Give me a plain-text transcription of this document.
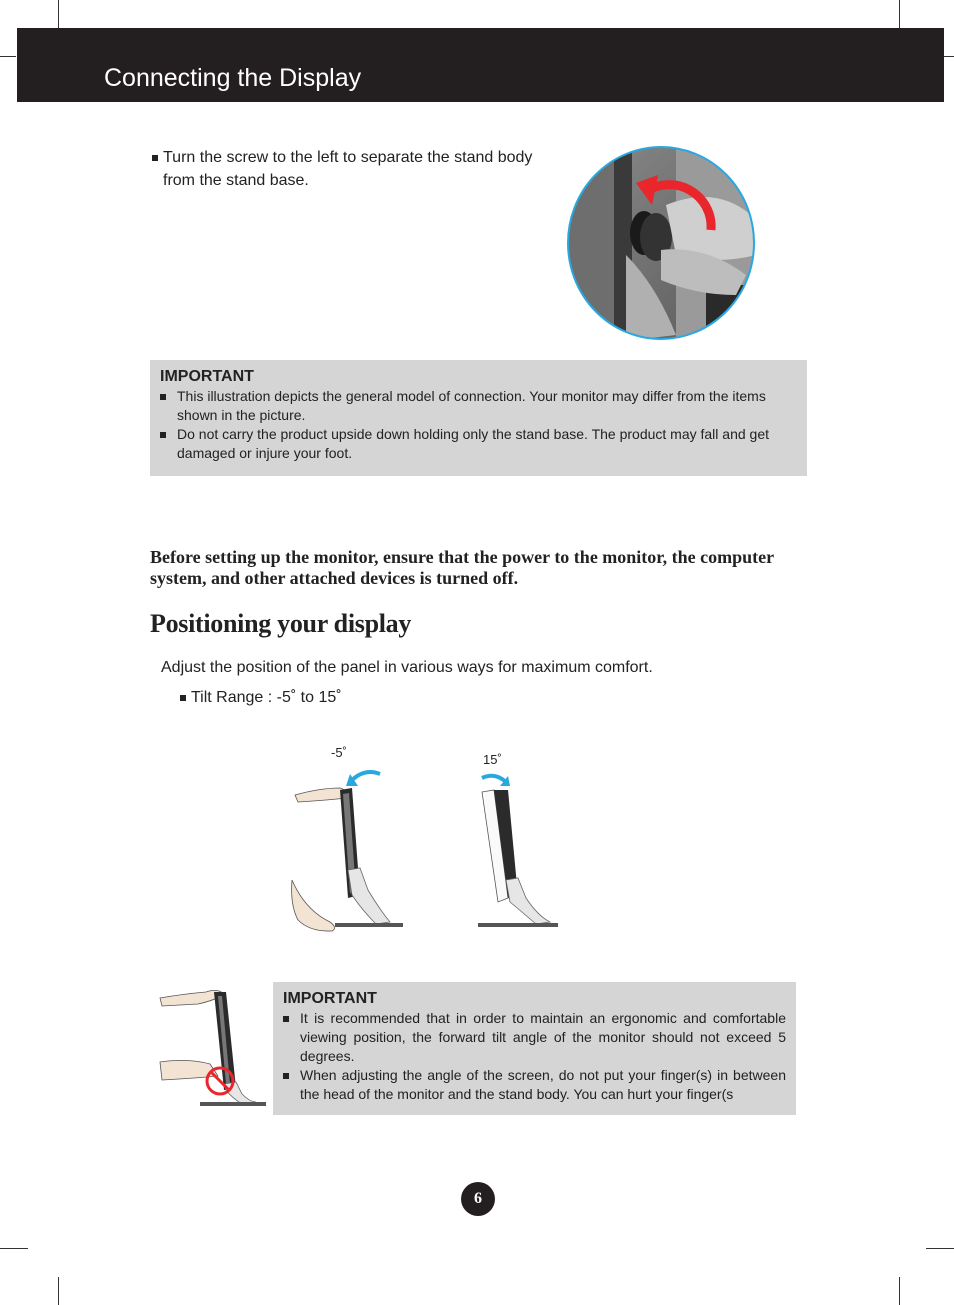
Connecting the Display
Turn the screw to the left to separate the stand body
from the stand base.
IMPORTANT
This illustration depicts the general model of connection. Your monitor may differ from the items shown in the picture.
Do not carry the product upside down holding only the stand base. The product may fall and get damaged or injure your foot.
Before setting up the monitor, ensure that the power to the monitor, the computer system, and other attached devices is turned off.
Positioning your display
Adjust the position of the panel in various ways for maximum comfort.
Tilt Range : -5˚ to 15˚
-5˚	15˚
IMPORTANT
It is recommended that in order to maintain an ergonomic and comfortable viewing position, the forward tilt angle of the monitor should not exceed 5 degrees.
When adjusting the angle of the screen, do not put your finger(s) in between the head of the monitor and the stand body. You can hurt your finger(s
6
